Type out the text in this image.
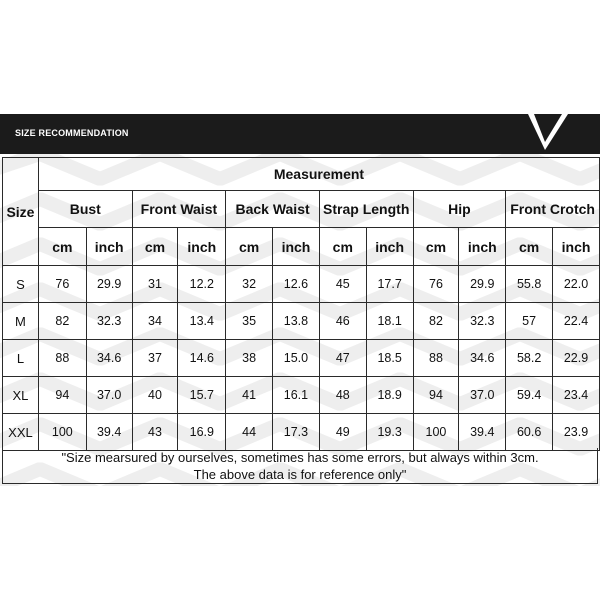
SIZE RECOMMENDATION
Size	Measurement											
	Bust		Front Waist		Back Waist		Strap Length		Hip		Front Crotch	
	cm	inch	cm	inch	cm	inch	cm	inch	cm	inch	cm	inch
S	76	29.9	31	12.2	32	12.6	45	17.7	76	29.9	55.8	22.0
M	82	32.3	34	13.4	35	13.8	46	18.1	82	32.3	57	22.4
L	88	34.6	37	14.6	38	15.0	47	18.5	88	34.6	58.2	22.9
XL	94	37.0	40	15.7	41	16.1	48	18.9	94	37.0	59.4	23.4
XXL	100	39.4	43	16.9	44	17.3	49	19.3	100	39.4	60.6	23.9
"Size mearsured by ourselves, sometimes has some errors, but always within 3cm.
The above data is for reference only"
